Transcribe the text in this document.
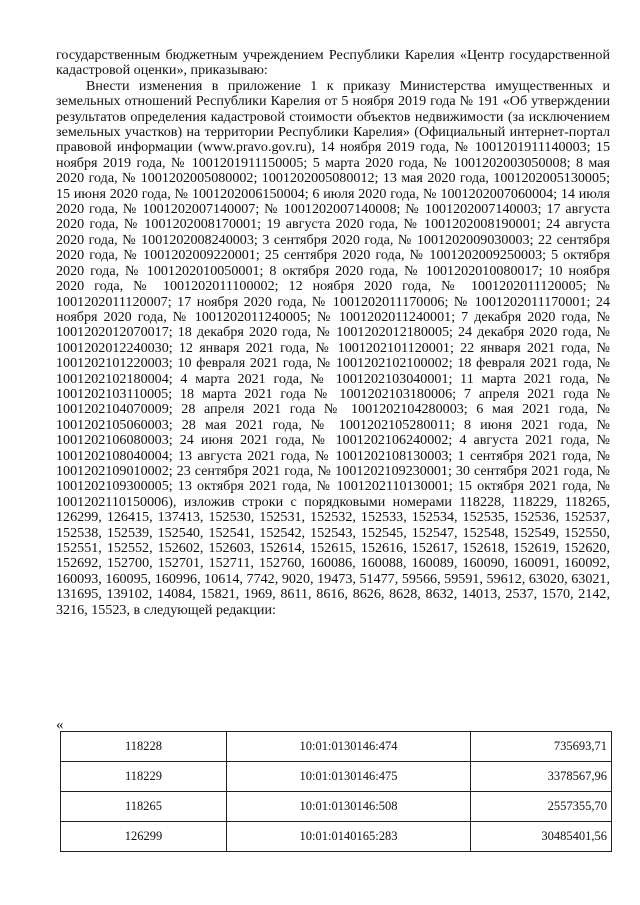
государственным бюджетным учреждением Республики Карелия «Центр государственной кадастровой оценки», приказываю:

Внести изменения в приложение 1 к приказу Министерства имущественных и земельных отношений Республики Карелия от 5 ноября 2019 года № 191 «Об утверждении результатов определения кадастровой стоимости объектов недвижимости (за исключением земельных участков) на территории Республики Карелия» (Официальный интернет-портал правовой информации (www.pravo.gov.ru), 14 ноября 2019 года, № 1001201911140003; 15 ноября 2019 года, № 1001201911150005; 5 марта 2020 года, № 1001202003050008; 8 мая 2020 года, № 1001202005080002; 1001202005080012; 13 мая 2020 года, 1001202005130005; 15 июня 2020 года, № 1001202006150004; 6 июля 2020 года, № 1001202007060004; 14 июля 2020 года, № 1001202007140007; № 1001202007140008; № 1001202007140003; 17 августа 2020 года, № 1001202008170001; 19 августа 2020 года, № 1001202008190001; 24 августа 2020 года, № 1001202008240003; 3 сентября 2020 года, № 1001202009030003; 22 сентября 2020 года, № 1001202009220001; 25 сентября 2020 года, № 1001202009250003; 5 октября 2020 года, № 1001202010050001; 8 октября 2020 года, № 1001202010080017; 10 ноября 2020 года, № 1001202011100002; 12 ноября 2020 года, № 1001202011120005; № 1001202011120007; 17 ноября 2020 года, № 1001202011170006; № 1001202011170001; 24 ноября 2020 года, № 1001202011240005; № 1001202011240001; 7 декабря 2020 года, № 1001202012070017; 18 декабря 2020 года, № 1001202012180005; 24 декабря 2020 года, № 1001202012240030; 12 января 2021 года, № 1001202101120001; 22 января 2021 года, № 1001202101220003; 10 февраля 2021 года, № 1001202102100002; 18 февраля 2021 года, № 1001202102180004; 4 марта 2021 года, № 1001202103040001; 11 марта 2021 года, № 1001202103110005; 18 марта 2021 года № 1001202103180006; 7 апреля 2021 года № 1001202104070009; 28 апреля 2021 года № 1001202104280003; 6 мая 2021 года, № 1001202105060003; 28 мая 2021 года, № 1001202105280011; 8 июня 2021 года, № 1001202106080003; 24 июня 2021 года, № 1001202106240002; 4 августа 2021 года, № 1001202108040004; 13 августа 2021 года, № 1001202108130003; 1 сентября 2021 года, № 1001202109010002; 23 сентября 2021 года, № 1001202109230001; 30 сентября 2021 года, № 1001202109300005; 13 октября 2021 года, № 1001202110130001; 15 октября 2021 года, № 1001202110150006), изложив строки с порядковыми номерами 118228, 118229, 118265, 126299, 126415, 137413, 152530, 152531, 152532, 152533, 152534, 152535, 152536, 152537, 152538, 152539, 152540, 152541, 152542, 152543, 152545, 152547, 152548, 152549, 152550, 152551, 152552, 152602, 152603, 152614, 152615, 152616, 152617, 152618, 152619, 152620, 152692, 152700, 152701, 152711, 152760, 160086, 160088, 160089, 160090, 160091, 160092, 160093, 160095, 160996, 10614, 7742, 9020, 19473, 51477, 59566, 59591, 59612, 63020, 63021, 131695, 139102, 14084, 15821, 1969, 8611, 8616, 8626, 8628, 8632, 14013, 2537, 1570, 2142, 3216, 15523, в следующей редакции:

«
118228	10:01:0130146:474	735693,71
118229	10:01:0130146:475	3378567,96
118265	10:01:0130146:508	2557355,70
126299	10:01:0140165:283	30485401,56
